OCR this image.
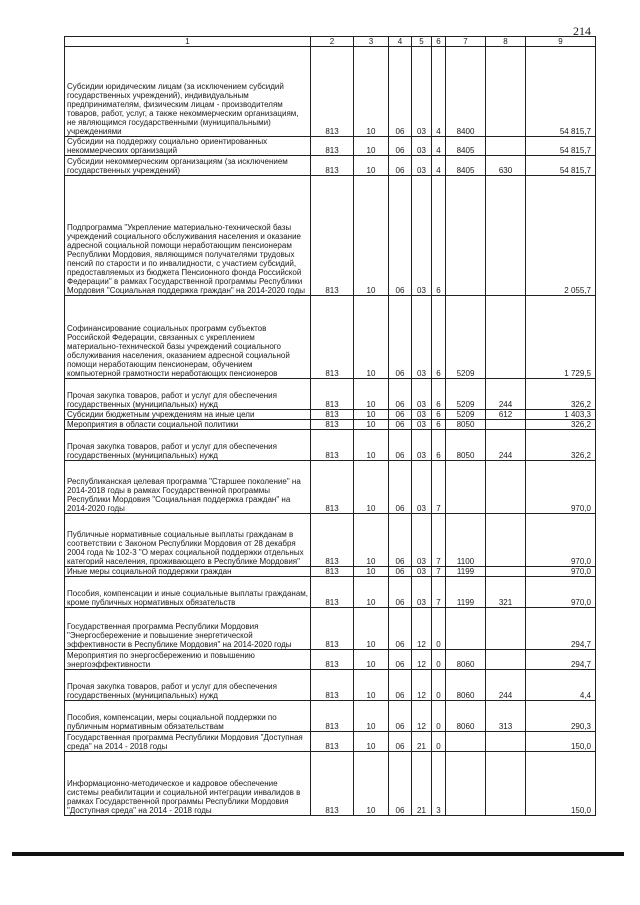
214
1	2	3	4	5	6	7	8	9
Субсидии юридическим лицам (за исключением субсидий государственных учреждений), индивидуальным предпринимателям, физическим лицам - производителям товаров, работ, услуг, а также некоммерческим организациям, не являющимся государственными (муниципальными) учреждениями	813	10	06	03	4	8400		54 815,7
Субсидии на поддержку социально ориентированных некоммерческих организаций	813	10	06	03	4	8405		54 815,7
Субсидии некоммерческим организациям (за исключением государственных учреждений)	813	10	06	03	4	8405	630	54 815,7
Подпрограмма "Укрепление материально-технической базы учреждений социального обслуживания населения и оказание адресной социальной помощи неработающим пенсионерам Республики Мордовия, являющимся получателями трудовых пенсий по старости и по инвалидности, с участием субсидий, предоставляемых из бюджета Пенсионного фонда Российской Федерации" в рамках Государственной программы Республики Мордовия "Социальная поддержка граждан" на 2014-2020 годы	813	10	06	03	6			2 055,7
Софинансирование социальных программ субъектов Российской Федерации, связанных с укреплением материально-технической базы учреждений социального обслуживания населения, оказанием адресной социальной помощи неработающим пенсионерам, обучением компьютерной грамотности неработающих пенсионеров	813	10	06	03	6	5209		1 729,5
Прочая закупка товаров, работ и услуг для обеспечения государственных (муниципальных) нужд	813	10	06	03	6	5209	244	326,2
Субсидии бюджетным учреждениям на иные цели	813	10	06	03	6	5209	612	1 403,3
Мероприятия в области социальной политики	813	10	06	03	6	8050		326,2
Прочая закупка товаров, работ и услуг для обеспечения государственных (муниципальных) нужд	813	10	06	03	6	8050	244	326,2
Республиканская целевая программа "Старшее поколение" на 2014-2018 годы в рамках Государственной программы Республики Мордовия "Социальная поддержка граждан" на 2014-2020 годы	813	10	06	03	7			970,0
Публичные нормативные социальные выплаты гражданам в соответствии с Законом Республики Мордовия от 28 декабря 2004 года № 102-3 "О мерах социальной поддержки отдельных категорий населения, проживающего в Республике Мордовия"	813	10	06	03	7	1100		970,0
Иные меры социальной поддержки граждан	813	10	06	03	7	1199		970,0
Пособия, компенсации и иные социальные выплаты гражданам, кроме публичных нормативных обязательств	813	10	06	03	7	1199	321	970,0
Государственная программа Республики Мордовия "Энергосбережение и повышение энергетической эффективности в Республике Мордовия" на 2014-2020 годы	813	10	06	12	0			294,7
Мероприятия по энергосбережению и повышению энергоэффективности	813	10	06	12	0	8060		294,7
Прочая закупка товаров, работ и услуг для обеспечения государственных (муниципальных) нужд	813	10	06	12	0	8060	244	4,4
Пособия, компенсации, меры социальной поддержки по публичным нормативным обязательствам	813	10	06	12	0	8060	313	290,3
Государственная программа Республики Мордовия "Доступная среда" на 2014 - 2018 годы	813	10	06	21	0			150,0
Информационно-методическое и кадровое обеспечение системы реабилитации и социальной интеграции инвалидов в рамках Государственной программы Республики Мордовия "Доступная среда" на 2014 - 2018 годы	813	10	06	21	3			150,0
